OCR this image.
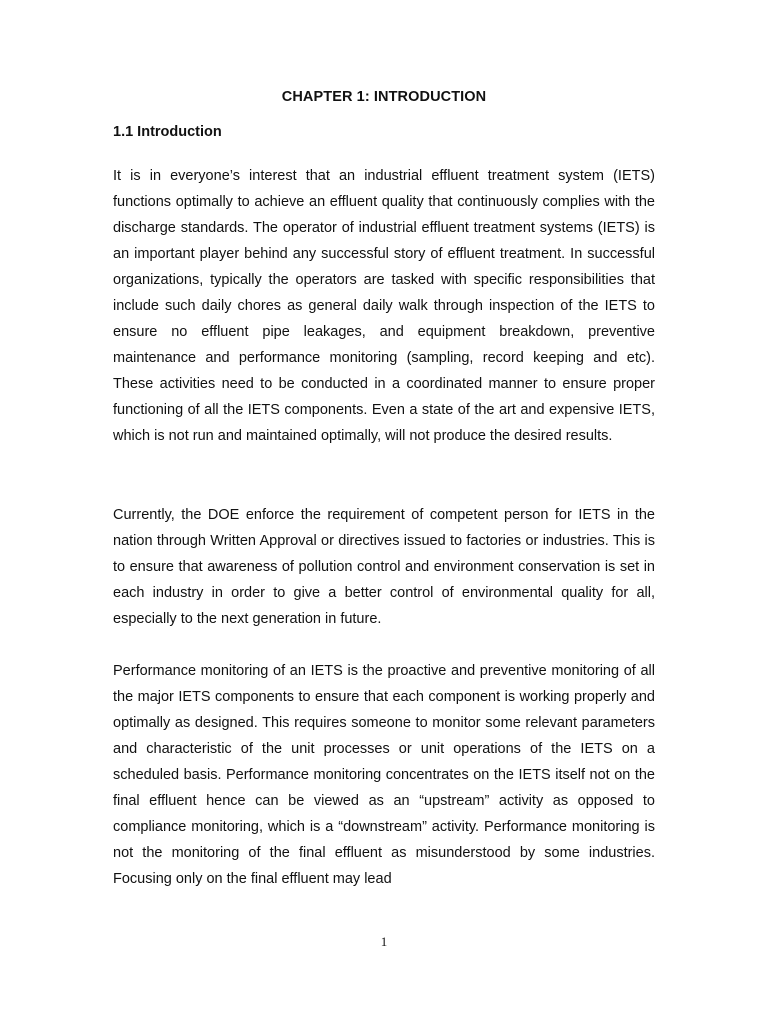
CHAPTER 1: INTRODUCTION
1.1 Introduction

It is in everyone’s interest that an industrial effluent treatment system (IETS) functions optimally to achieve an effluent quality that continuously complies with the discharge standards. The operator of industrial effluent treatment systems (IETS) is an important player behind any successful story of effluent treatment. In successful organizations, typically the operators are tasked with specific responsibilities that include such daily chores as general daily walk through inspection of the IETS to ensure no effluent pipe leakages, and equipment breakdown, preventive maintenance and performance monitoring (sampling, record keeping and etc). These activities need to be conducted in a coordinated manner to ensure proper functioning of all the IETS components. Even a state of the art and expensive IETS, which is not run and maintained optimally, will not produce the desired results.

Currently, the DOE enforce the requirement of competent person for IETS in the nation through Written Approval or directives issued to factories or industries. This is to ensure that awareness of pollution control and environment conservation is set in each industry in order to give a better control of environmental quality for all, especially to the next generation in future.

Performance monitoring of an IETS is the proactive and preventive monitoring of all the major IETS components to ensure that each component is working properly and optimally as designed. This requires someone to monitor some relevant parameters and characteristic of the unit processes or unit operations of the IETS on a scheduled basis. Performance monitoring concentrates on the IETS itself not on the final effluent hence can be viewed as an “upstream” activity as opposed to compliance monitoring, which is a “downstream” activity. Performance monitoring is not the monitoring of the final effluent as misunderstood by some industries. Focusing only on the final effluent may lead

1
